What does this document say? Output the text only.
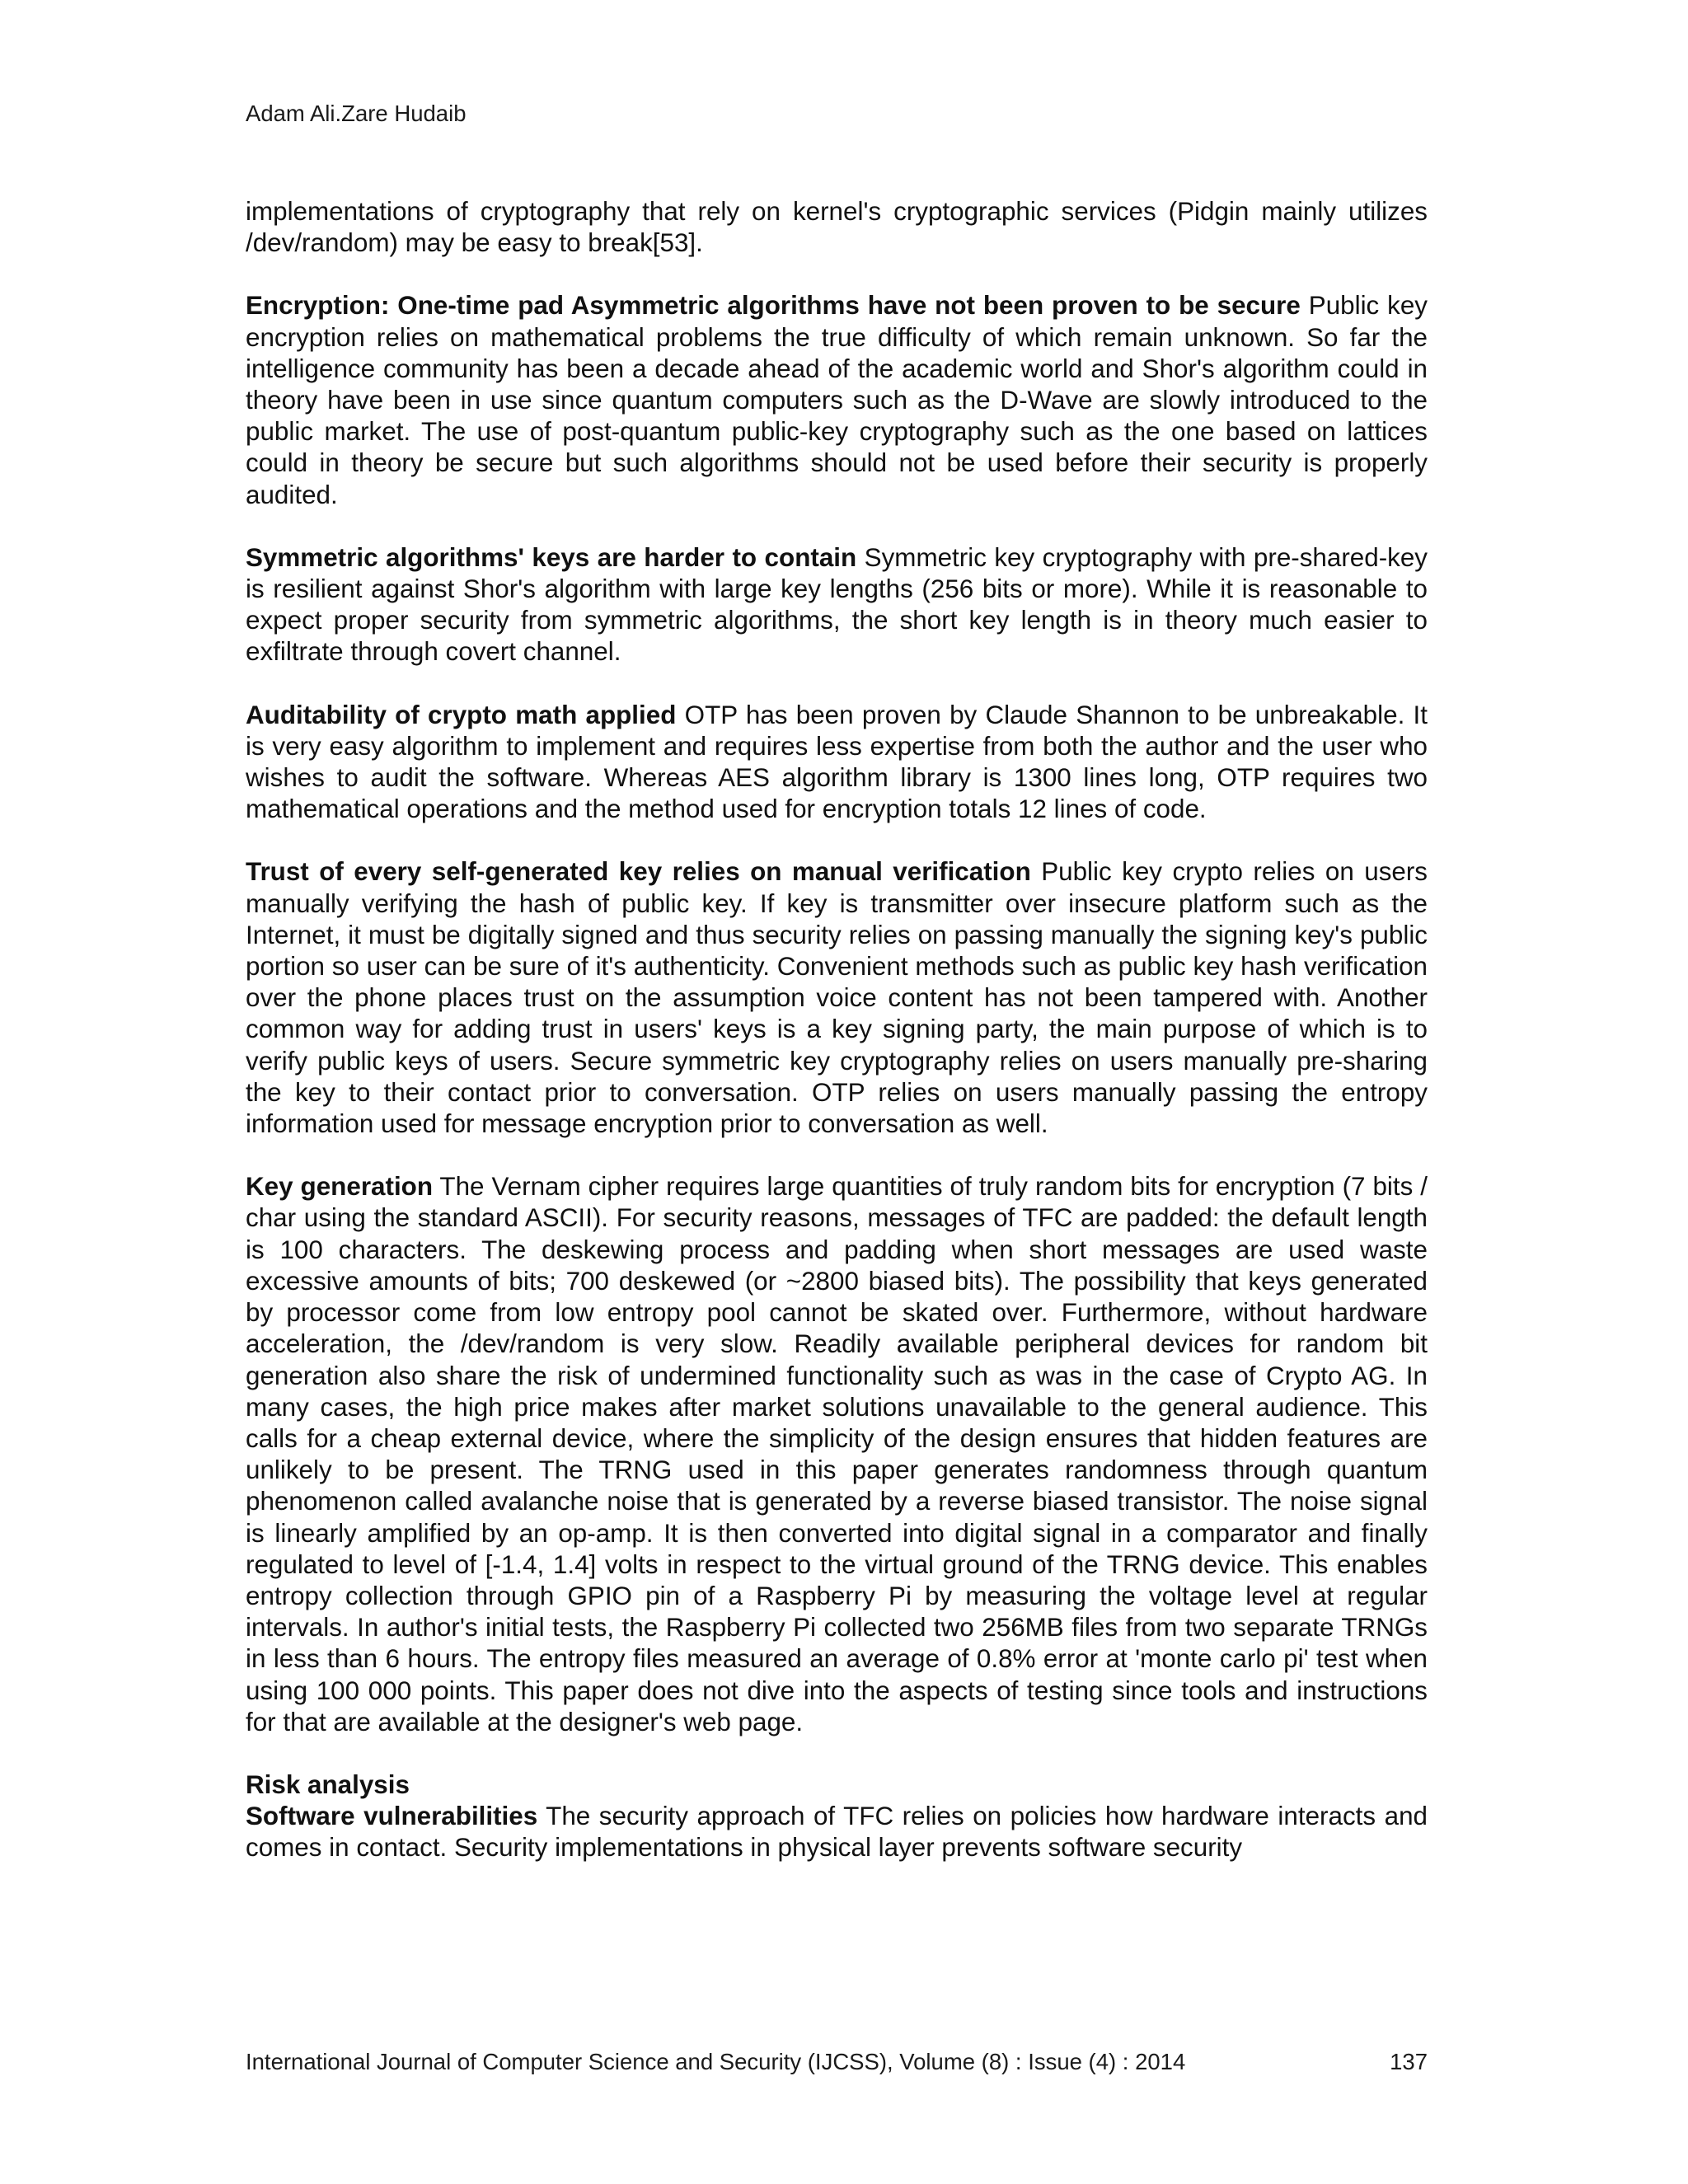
Adam Ali.Zare Hudaib

implementations of cryptography that rely on kernel's cryptographic services (Pidgin mainly utilizes /dev/random) may be easy to break[53].

Encryption: One-time pad Asymmetric algorithms have not been proven to be secure Public key encryption relies on mathematical problems the true difficulty of which remain unknown. So far the intelligence community has been a decade ahead of the academic world and Shor's algorithm could in theory have been in use since quantum computers such as the D-Wave are slowly introduced to the public market. The use of post-quantum public-key cryptography such as the one based on lattices could in theory be secure but such algorithms should not be used before their security is properly audited.

Symmetric algorithms' keys are harder to contain Symmetric key cryptography with pre-shared-key is resilient against Shor's algorithm with large key lengths (256 bits or more). While it is reasonable to expect proper security from symmetric algorithms, the short key length is in theory much easier to exfiltrate through covert channel.

Auditability of crypto math applied OTP has been proven by Claude Shannon to be unbreakable. It is very easy algorithm to implement and requires less expertise from both the author and the user who wishes to audit the software. Whereas AES algorithm library is 1300 lines long, OTP requires two mathematical operations and the method used for encryption totals 12 lines of code.

Trust of every self-generated key relies on manual verification Public key crypto relies on users manually verifying the hash of public key. If key is transmitter over insecure platform such as the Internet, it must be digitally signed and thus security relies on passing manually the signing key's public portion so user can be sure of it's authenticity. Convenient methods such as public key hash verification over the phone places trust on the assumption voice content has not been tampered with. Another common way for adding trust in users' keys is a key signing party, the main purpose of which is to verify public keys of users. Secure symmetric key cryptography relies on users manually pre-sharing the key to their contact prior to conversation. OTP relies on users manually passing the entropy information used for message encryption prior to conversation as well.

Key generation The Vernam cipher requires large quantities of truly random bits for encryption (7 bits / char using the standard ASCII). For security reasons, messages of TFC are padded: the default length is 100 characters. The deskewing process and padding when short messages are used waste excessive amounts of bits; 700 deskewed (or ~2800 biased bits). The possibility that keys generated by processor come from low entropy pool cannot be skated over. Furthermore, without hardware acceleration, the /dev/random is very slow. Readily available peripheral devices for random bit generation also share the risk of undermined functionality such as was in the case of Crypto AG. In many cases, the high price makes after market solutions unavailable to the general audience. This calls for a cheap external device, where the simplicity of the design ensures that hidden features are unlikely to be present. The TRNG used in this paper generates randomness through quantum phenomenon called avalanche noise that is generated by a reverse biased transistor. The noise signal is linearly amplified by an op-amp. It is then converted into digital signal in a comparator and finally regulated to level of [-1.4, 1.4] volts in respect to the virtual ground of the TRNG device. This enables entropy collection through GPIO pin of a Raspberry Pi by measuring the voltage level at regular intervals. In author's initial tests, the Raspberry Pi collected two 256MB files from two separate TRNGs in less than 6 hours. The entropy files measured an average of 0.8% error at 'monte carlo pi' test when using 100 000 points. This paper does not dive into the aspects of testing since tools and instructions for that are available at the designer's web page.

Risk analysis

Software vulnerabilities The security approach of TFC relies on policies how hardware interacts and comes in contact. Security implementations in physical layer prevents software security

International Journal of Computer Science and Security (IJCSS), Volume (8) : Issue (4) : 2014	137
